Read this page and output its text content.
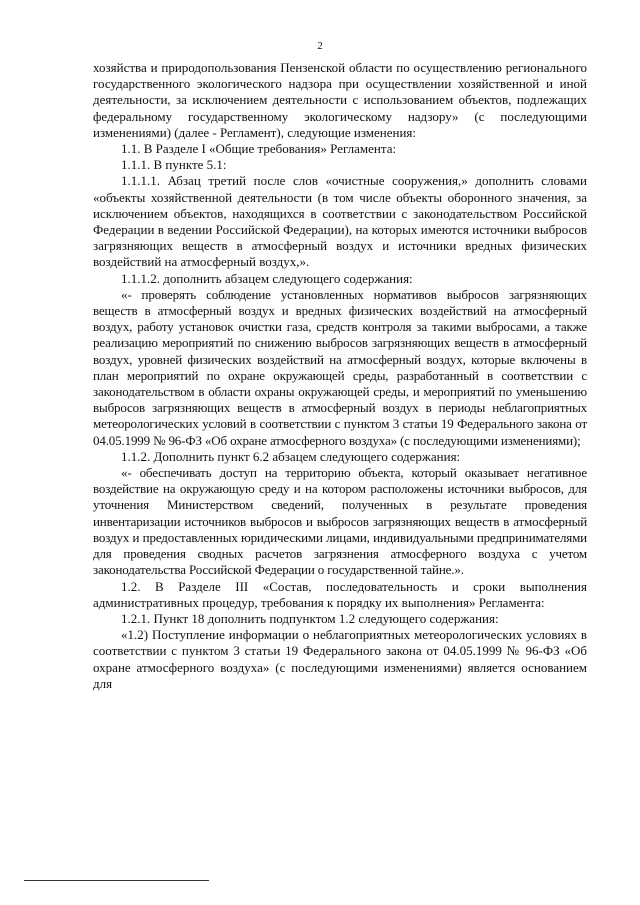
2

хозяйства и природопользования Пензенской области по осуществлению регионального государственного экологического надзора при осуществлении хозяйственной и иной деятельности, за исключением деятельности с использованием объектов, подлежащих федеральному государственному экологическому надзору» (с последующими изменениями) (далее - Регламент), следующие изменения:

1.1. В Разделе I «Общие требования» Регламента:

1.1.1. В пункте 5.1:

1.1.1.1. Абзац третий после слов «очистные сооружения,» дополнить словами «объекты хозяйственной деятельности (в том числе объекты оборонного значения, за исключением объектов, находящихся в соответствии с законодательством Российской Федерации в ведении Российской Федерации), на которых имеются источники выбросов загрязняющих веществ в атмосферный воздух и источники вредных физических воздействий на атмосферный воздух,».

1.1.1.2. дополнить абзацем следующего содержания:

«- проверять соблюдение установленных нормативов выбросов загрязняющих веществ в атмосферный воздух и вредных физических воздействий на атмосферный воздух, работу установок очистки газа, средств контроля за такими выбросами, а также реализацию мероприятий по снижению выбросов загрязняющих веществ в атмосферный воздух, уровней физических воздействий на атмосферный воздух, которые включены в план мероприятий по охране окружающей среды, разработанный в соответствии с законодательством в области охраны окружающей среды, и мероприятий по уменьшению выбросов загрязняющих веществ в атмосферный воздух в периоды неблагоприятных метеорологических условий в соответствии с пунктом 3 статьи 19 Федерального закона от 04.05.1999 № 96-ФЗ «Об охране атмосферного воздуха» (с последующими изменениями);

1.1.2. Дополнить пункт 6.2 абзацем следующего содержания:

«- обеспечивать доступ на территорию объекта, который оказывает негативное воздействие на окружающую среду и на котором расположены источники выбросов, для уточнения Министерством сведений, полученных в результате проведения инвентаризации источников выбросов и выбросов загрязняющих веществ в атмосферный воздух и предоставленных юридическими лицами, индивидуальными предпринимателями для проведения сводных расчетов загрязнения атмосферного воздуха с учетом законодательства Российской Федерации о государственной тайне.».

1.2. В Разделе III «Состав, последовательность и сроки выполнения административных процедур, требования к порядку их выполнения» Регламента:

1.2.1. Пункт 18 дополнить подпунктом 1.2 следующего содержания:

«1.2) Поступление информации о неблагоприятных метеорологических условиях в соответствии с пунктом 3 статьи 19 Федерального закона от 04.05.1999 № 96-ФЗ «Об охране атмосферного воздуха» (с последующими изменениями) является основанием для
